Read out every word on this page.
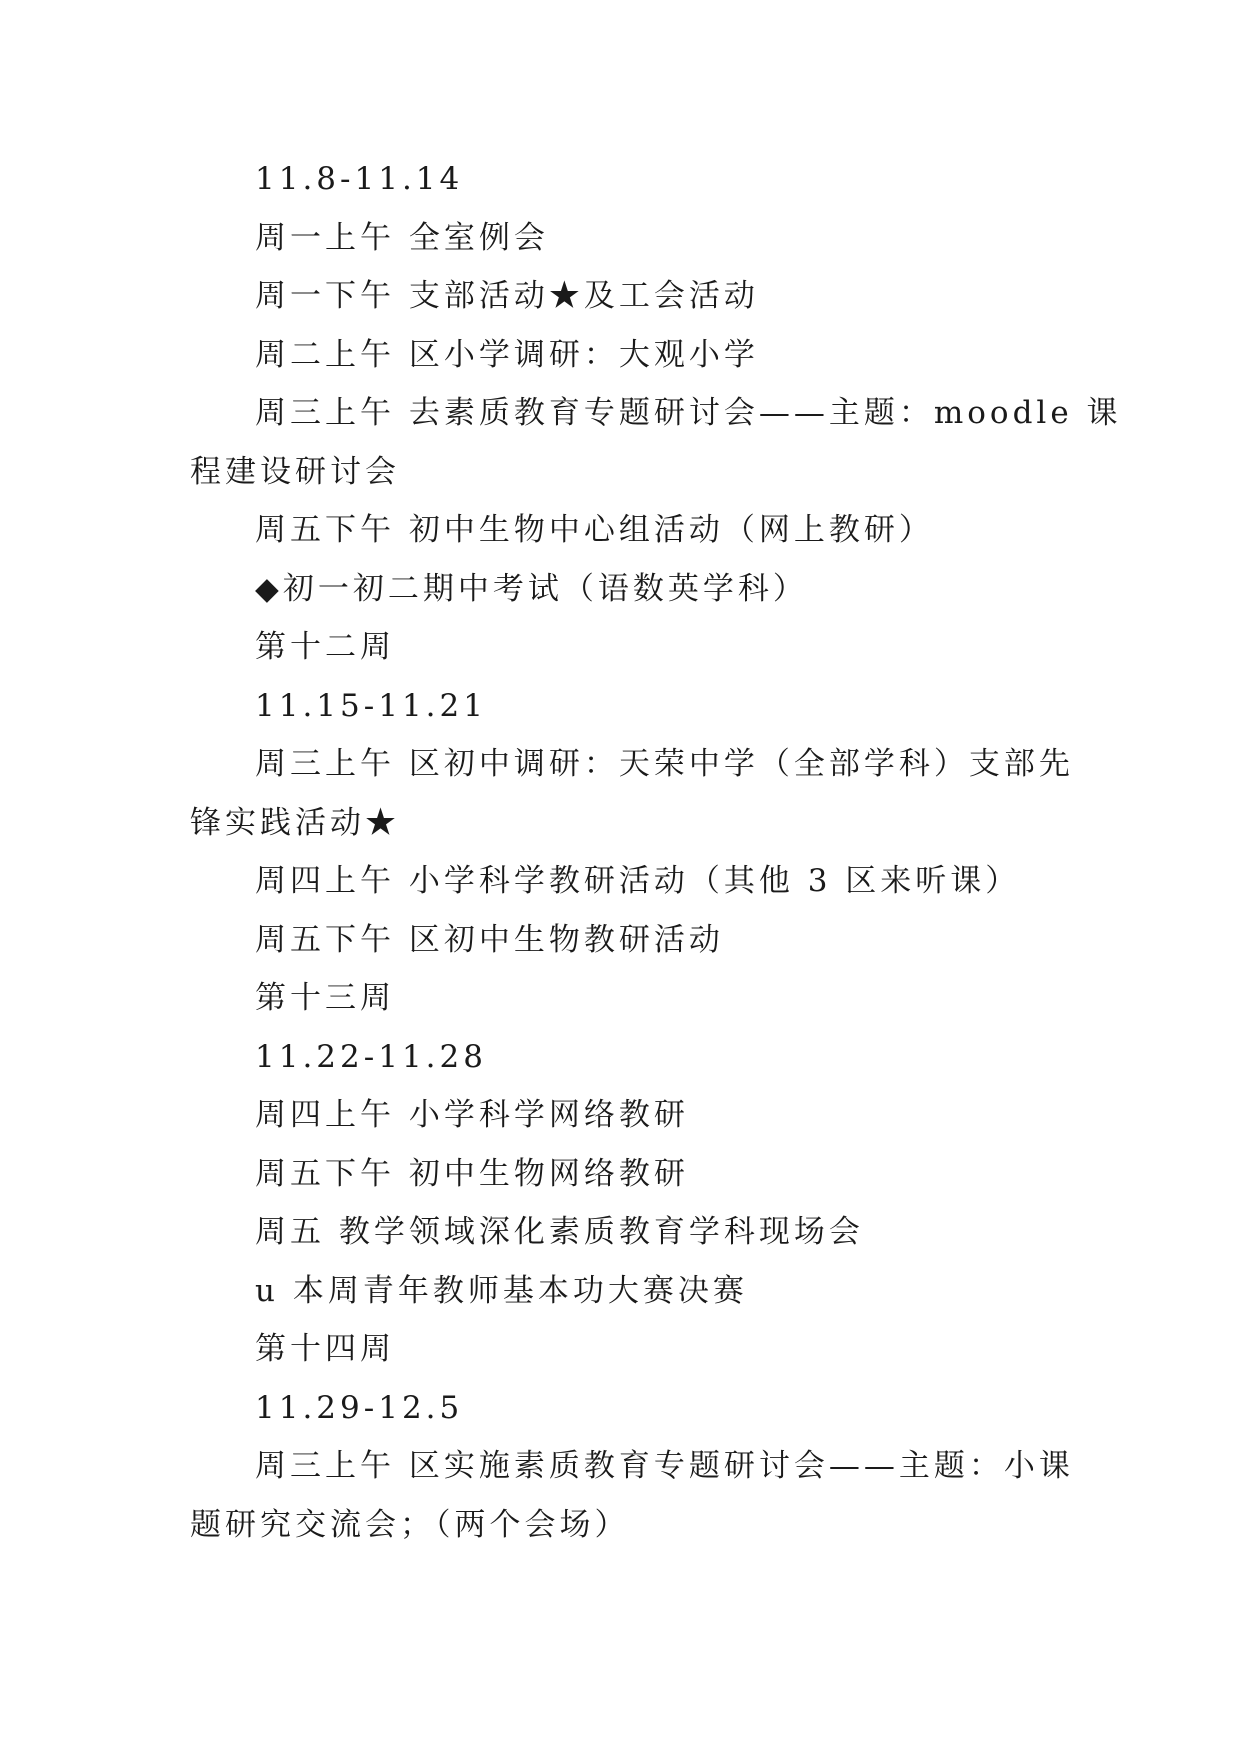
11.8-11.14
周一上午 全室例会
周一下午 支部活动★及工会活动
周二上午 区小学调研：大观小学
周三上午 去素质教育专题研讨会——主题：moodle 课
程建设研讨会
周五下午 初中生物中心组活动（网上教研）
◆初一初二期中考试（语数英学科）
第十二周
11.15-11.21
周三上午 区初中调研：天荣中学（全部学科）支部先
锋实践活动★
周四上午 小学科学教研活动（其他 3 区来听课）
周五下午 区初中生物教研活动
第十三周
11.22-11.28
周四上午 小学科学网络教研
周五下午 初中生物网络教研
周五 教学领域深化素质教育学科现场会
u 本周青年教师基本功大赛决赛
第十四周
11.29-12.5
周三上午 区实施素质教育专题研讨会——主题：小课
题研究交流会；（两个会场）
